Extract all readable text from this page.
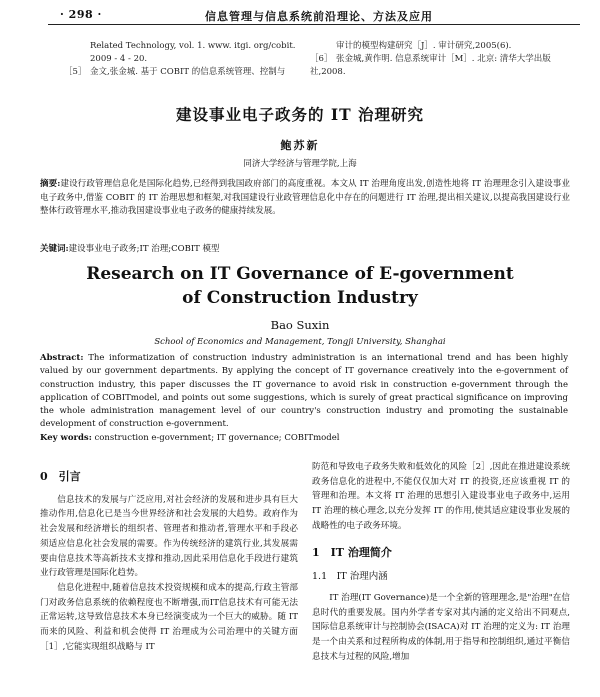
· 298 ·	信息管理与信息系统前沿理论、方法及应用
Related Technology, vol. 1. www. itgi. org/cobit. 2009 - 4 - 20.
［5］ 金文,张金城. 基于 COBIT 的信息系统管理、控制与
审计的模型构建研究［J］. 审计研究,2005(6).
［6］ 张金城,黄作明. 信息系统审计［M］. 北京: 清华大学出版社,2008.
建设事业电子政务的 IT 治理研究
鲍苏新
同济大学经济与管理学院,上海
摘要:建设行政管理信息化是国际化趋势,已经得到我国政府部门的高度重视。本文从 IT 治理角度出发,创造性地将 IT 治理理念引入建设事业电子政务中,借鉴 COBIT 的 IT 治理思想和框架,对我国建设行业政管理信息化中存在的问题进行 IT 治理,提出相关建议,以提高我国建设行业整体行政管理水平,推动我国建设事业电子政务的健康持续发展。
关键词:建设事业电子政务;IT 治理;COBIT 模型
Research on IT Governance of E-government
of Construction Industry
Bao Suxin
School of Economics and Management, Tongji University, Shanghai
Abstract: The informatization of construction industry administration is an international trend and has been highly valued by our government departments. By applying the concept of IT governance creatively into the e-government of construction industry, this paper discusses the IT governance to avoid risk in construction e-government through the application of COBITmodel, and points out some suggestions, which is surely of great practical significance on improving the whole administration management level of our country's construction industry and promoting the sustainable development of construction e-government.
Key words: construction e-government; IT governance; COBITmodel
0　引言

信息技术的发展与广泛应用,对社会经济的发展和进步具有巨大推动作用,信息化已是当今世界经济和社会发展的大趋势。政府作为社会发展和经济增长的组织者、管理者和推动者,管理水平和手段必须适应信息化社会发展的需要。作为传统经济的建筑行业,其发展需要由信息技术等高新技术支撑和推动,因此采用信息化手段进行建筑业行政管理是国际化趋势。

信息化进程中,随着信息技术投资规模和成本的提高,行政主管部门对政务信息系统的依赖程度也不断增强,而IT信息技术有可能无法正常运转,这导致信息技术本身已经演变成为一个巨大的威胁。随 IT 而来的风险、利益和机会使得 IT 治理成为公司治理中的关键方面［1］,它能实现组织战略与 IT

防范和导致电子政务失败和低效化的风险［2］,因此在推进建设系统政务信息化的进程中,不能仅仅加大对 IT 的投资,还应该重视 IT 的管理和治理。本文将 IT 治理的思想引入建设事业电子政务中,运用 IT 治理的核心理念,以充分发挥 IT 的作用,使其适应建设事业发展的战略性的电子政务环境。
1　IT 治理简介
1.1　IT 治理内涵

IT 治理(IT Governance)是一个全新的管理理念,是"治理"在信息时代的重要发展。国内外学者专家对其内涵的定义给出不同观点,国际信息系统审计与控制协会(ISACA)对 IT 治理的定义为: IT 治理是一个由关系和过程所构成的体制,用于指导和控制组织,通过平衡信息技术与过程的风险,增加
